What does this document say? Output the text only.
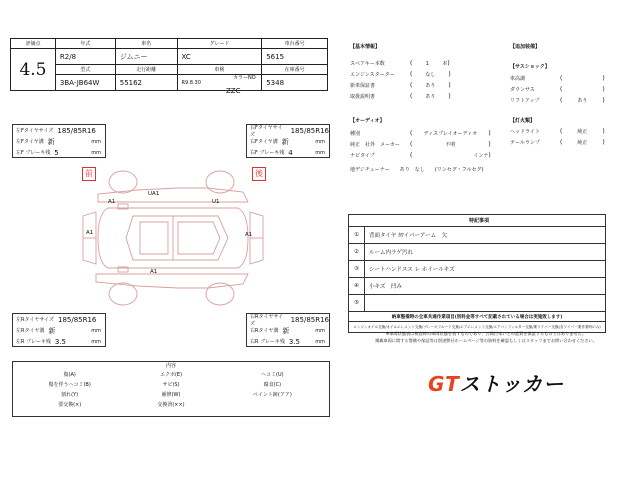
評価点	年式	車名	グレード	車台番号
4.5	R2/8	ジムニー	XC	5615
	型式	走行距離	車検	在庫番号
	3BA-JB64W	55162	R9.8.30	5348
カラーNO
ZZC
左Fタイヤサイズ 185/85R16
左Fタイヤ溝 新	mm
左F ブレーキ残 5	mm
右Fタイヤサイズ	185/85R16
右Fタイヤ溝 新	mm
右F ブレーキ残 4	mm
左Rタイヤサイズ 185/85R16
左Rタイヤ溝 新	mm
左R ブレーキ残 3.5	mm
右Rタイヤサイズ	185/85R16
右Rタイヤ溝 新	mm
右R ブレーキ残 3.5	mm
前	後
UA1
A1	U1
A1	A1
A1
内容
傷(A)	エクボ(E)	ヘコミ(U)
傷を伴うヘコミ(B)	サビ(S)	腐食(C)
割れ(Y)	補修(W)	ペイント跡(アア)
要交換(×)	交換済(××)
【基本情報】
スペアキー本数	(	1	本 )
エンジンスターター	(	なし	)
新車保証書	(	あり	)
取扱説明書	(	あり	)
【追加装備】
【サスショック】
車高調	(	)
ダウンサス	(	)
リフトアップ	(	あり	)
【オーディオ】
種別	(	ディスプレイオーディオ	)
純正　社外　メーカー	(	不明	)
ナビタイプ	(	インナ )
地デジチューナー　　あり　なし　　(ワンセグ・フルセグ)
【灯火類】
ヘッドライト	(	純正	)
テールランプ	(	純正	)
特記事項	
①	背面タイヤ ｶﾜイパーアーム　欠
②	ルーム内ラゲ汚れ
③	シートハンドスス レ ホイールキズ
④	小キズ　凹み
⑤	
納車整備時の全車共通作業項目(別料金等すべて記載されている場合は実施致します)	
エンジンオイル交換/オイルエレメント交換/ブレーキフルード交換/エアエレメント交換/エアコンフィルター交換/要ワイパー交換(各ワイパー要作業時のみ)	
※車両状態表は検査時の車両状態を表すものであり、公開日未いとの品質を保証するものではありません。
掲載車両に関する警備や保証等は別途弊社ホームページ等の資料を確認もしくはスタッフまでお問い合わせください。
GTストッカー
